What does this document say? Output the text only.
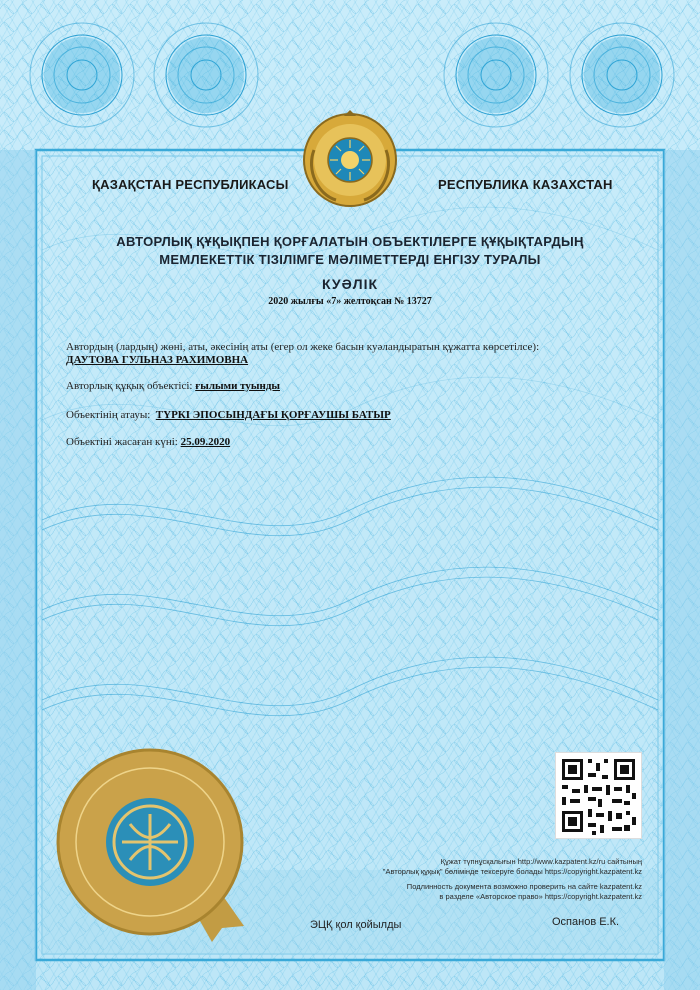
ҚАЗАҚСТАН РЕСПУБЛИКАСЫ	РЕСПУБЛИКА КАЗАХСТАН
АВТОРЛЫҚ ҚҰҚЫҚПЕН ҚОРҒАЛАТЫН ОБЪЕКТІЛЕРГЕ ҚҰҚЫҚТАРДЫҢ
МЕМЛЕКЕТТІК ТІЗІЛІМГЕ МӘЛІМЕТТЕРДІ ЕНГІЗУ ТУРАЛЫ
КУӘЛІК
2020 жылғы «7» желтоқсан № 13727
Автордың (лардың) жөні, аты, әкесінің аты (егер ол жеке басын куәландыратын құжатта көрсетілсе):
ДАУТОВА ГУЛЬНАЗ РАХИМОВНА
Авторлық құқық объектісі: ғылыми туынды
Объектінің атауы: ТҮРКІ ЭПОСЫНДАҒЫ ҚОРҒАУШЫ БАТЫР
Объектіні жасаған күні: 25.09.2020
Құжат түпнұсқалығын http://www.kazpatent.kz/ru сайтының
"Авторлық құқық" бөлімінде тексеруге болады https://copyright.kazpatent.kz
Подлинность документа возможно проверить на сайте kazpatent.kz
в разделе «Авторское право» https://copyright.kazpatent.kz
ЭЦҚ қол қойылды	Оспанов Е.К.
